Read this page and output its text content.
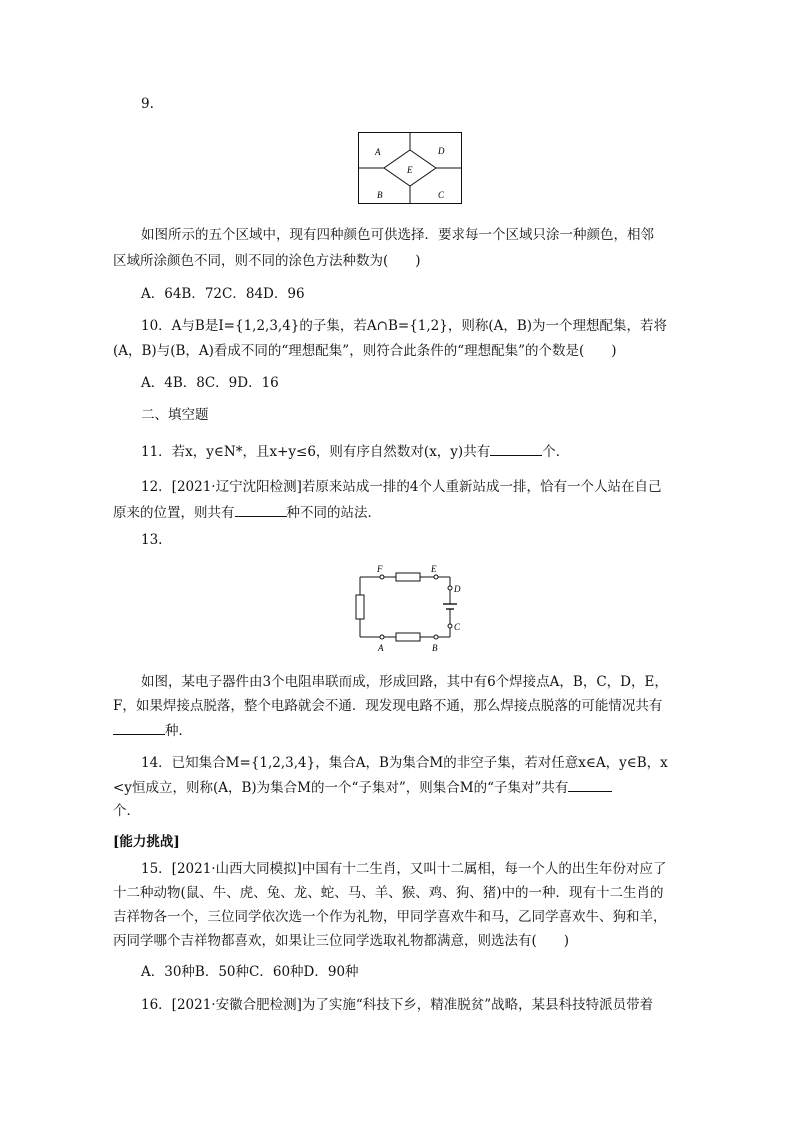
9.
A	D
E
B	C
如图所示的五个区域中，现有四种颜色可供选择．要求每一个区域只涂一种颜色，相邻
区域所涂颜色不同，则不同的涂色方法种数为(　　)
A．64B．72C．84D．96
10．A与B是I={1,2,3,4}的子集，若A∩B={1,2}，则称(A，B)为一个理想配集，若将
(A，B)与(B，A)看成不同的“理想配集”，则符合此条件的“理想配集”的个数是(　　)
A．4B．8C．9D．16
二、填空题
11．若x，y∈N*，且x+y≤6，则有序自然数对(x，y)共有	个．
12．[2021·辽宁沈阳检测]若原来站成一排的4个人重新站成一排，恰有一个人站在自己
原来的位置，则共有	种不同的站法．
13.
F	E
D
C
A	B
如图，某电子器件由3个电阻串联而成，形成回路，其中有6个焊接点A，B，C，D，E，
F，如果焊接点脱落，整个电路就会不通．现发现电路不通，那么焊接点脱落的可能情况共有
种．
14．已知集合M={1,2,3,4}，集合A，B为集合M的非空子集，若对任意x∈A，y∈B，x
<y恒成立，则称(A，B)为集合M的一个“子集对”，则集合M的“子集对”共有
个．
[能力挑战]
15．[2021·山西大同模拟]中国有十二生肖，又叫十二属相，每一个人的出生年份对应了
十二种动物(鼠、牛、虎、兔、龙、蛇、马、羊、猴、鸡、狗、猪)中的一种．现有十二生肖的
吉祥物各一个，三位同学依次选一个作为礼物，甲同学喜欢牛和马，乙同学喜欢牛、狗和羊，
丙同学哪个吉祥物都喜欢，如果让三位同学选取礼物都满意，则选法有(　　)
A．30种B．50种C．60种D．90种
16．[2021·安徽合肥检测]为了实施“科技下乡，精准脱贫”战略，某县科技特派员带着
